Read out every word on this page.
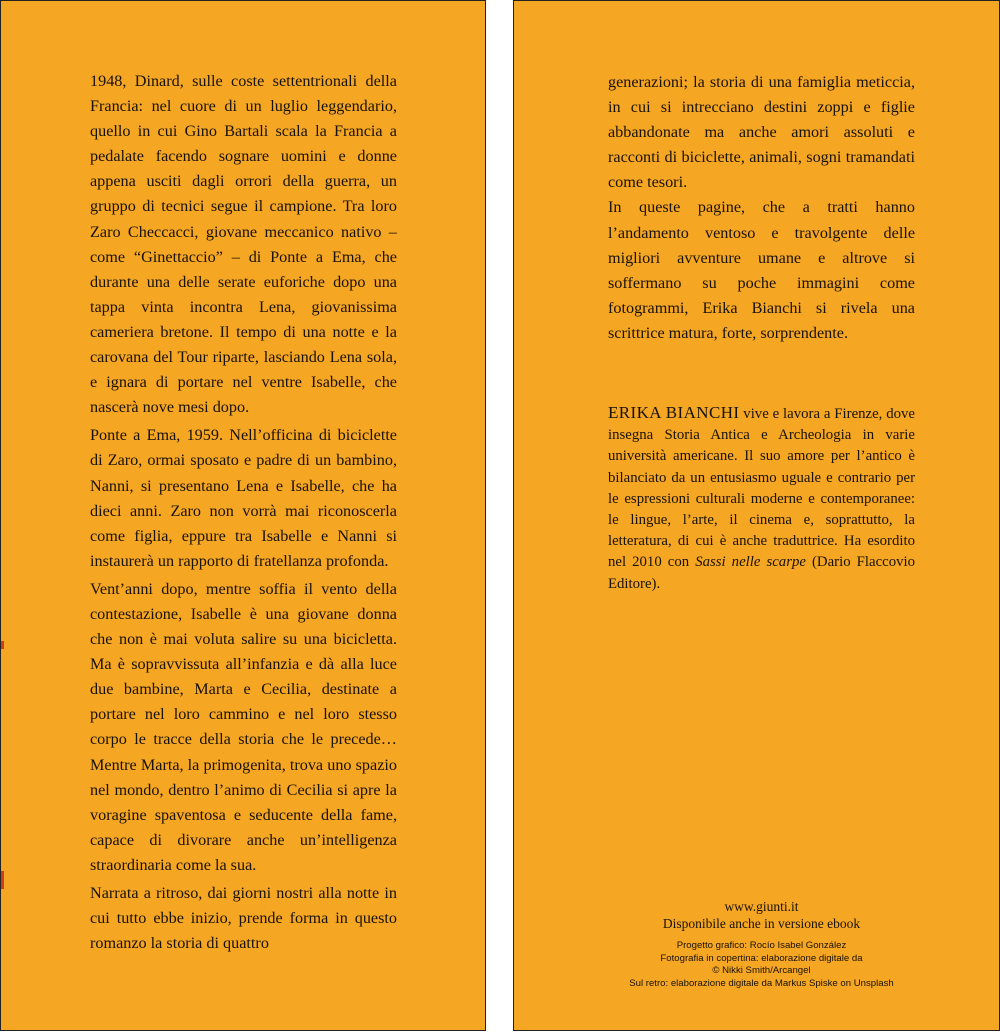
1948, Dinard, sulle coste settentrionali della Francia: nel cuore di un luglio leggendario, quello in cui Gino Bartali scala la Francia a pedalate facendo sognare uomini e donne appena usciti dagli orrori della guerra, un gruppo di tecnici segue il campione. Tra loro Zaro Checcacci, giovane meccanico nativo – come “Ginettaccio” – di Ponte a Ema, che durante una delle serate euforiche dopo una tappa vinta incontra Lena, giovanissima cameriera bretone. Il tempo di una notte e la carovana del Tour riparte, lasciando Lena sola, e ignara di portare nel ventre Isabelle, che nascerà nove mesi dopo.

Ponte a Ema, 1959. Nell’officina di biciclette di Zaro, ormai sposato e padre di un bambino, Nanni, si presentano Lena e Isabelle, che ha dieci anni. Zaro non vorrà mai riconoscerla come figlia, eppure tra Isabelle e Nanni si instaurerà un rapporto di fratellanza profonda.

Vent’anni dopo, mentre soffia il vento della contestazione, Isabelle è una giovane donna che non è mai voluta salire su una bicicletta. Ma è sopravvissuta all’infanzia e dà alla luce due bambine, Marta e Cecilia, destinate a portare nel loro cammino e nel loro stesso corpo le tracce della storia che le precede… Mentre Marta, la primogenita, trova uno spazio nel mondo, dentro l’animo di Cecilia si apre la voragine spaventosa e seducente della fame, capace di divorare anche un’intelligenza straordinaria come la sua.

Narrata a ritroso, dai giorni nostri alla notte in cui tutto ebbe inizio, prende forma in questo romanzo la storia di quattro

generazioni; la storia di una famiglia meticcia, in cui si intrecciano destini zoppi e figlie abbandonate ma anche amori assoluti e racconti di biciclette, animali, sogni tramandati come tesori.

In queste pagine, che a tratti hanno l’andamento ventoso e travolgente delle migliori avventure umane e altrove si soffermano su poche immagini come fotogrammi, Erika Bianchi si rivela una scrittrice matura, forte, sorprendente.

ERIKA BIANCHI vive e lavora a Firenze, dove insegna Storia Antica e Archeologia in varie università americane. Il suo amore per l’antico è bilanciato da un entusiasmo uguale e contrario per le espressioni culturali moderne e contemporanee: le lingue, l’arte, il cinema e, soprattutto, la letteratura, di cui è anche traduttrice. Ha esordito nel 2010 con Sassi nelle scarpe (Dario Flaccovio Editore).
www.giunti.it
Disponibile anche in versione ebook
Progetto grafico: Rocío Isabel González
Fotografia in copertina: elaborazione digitale da
© Nikki Smith/Arcangel
Sul retro: elaborazione digitale da Markus Spiske on Unsplash
